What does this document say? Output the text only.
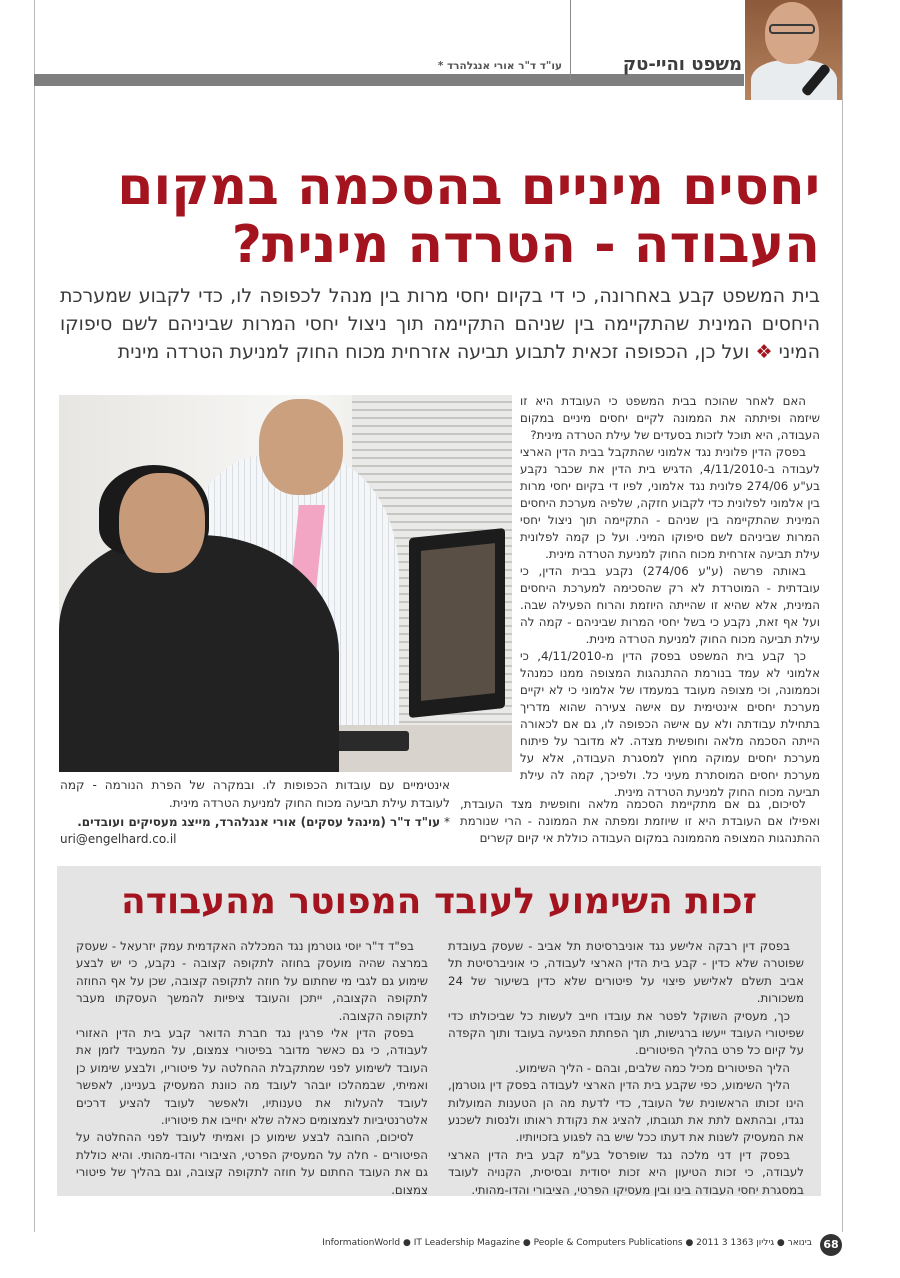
משפט והיי-טק
עו"ד ד"ר אורי אנגלהרד *
יחסים מיניים בהסכמה במקום
העבודה - הטרדה מינית?
בית המשפט קבע באחרונה, כי די בקיום יחסי מרות בין מנהל לכפופה לו, כדי לקבוע שמערכת היחסים המינית שהתקיימה בין שניהם התקיימה תוך ניצול יחסי המרות שביניהם לשם סיפוקו המיני ❖ ועל כן, הכפופה זכאית לתבוע תביעה אזרחית מכוח החוק למניעת הטרדה מינית

האם לאחר שהוכח בבית המשפט כי העובדת היא זו שיזמה ופיתתה את הממונה לקיים יחסים מיניים במקום העבודה, היא תוכל לזכות בסעדים של עילת הטרדה מינית?

בפסק הדין פלונית נגד אלמוני שהתקבל בבית הדין הארצי לעבודה ב-4/11/2010, הדגיש בית הדין את שכבר נקבע בע"ע 274/06 פלונית נגד אלמוני, לפיו די בקיום יחסי מרות בין אלמוני לפלונית כדי לקבוע חזקה, שלפיה מערכת היחסים המינית שהתקיימה בין שניהם - התקיימה תוך ניצול יחסי המרות שביניהם לשם סיפוקו המיני. ועל כן קמה לפלונית עילת תביעה אזרחית מכוח החוק למניעת הטרדה מינית.

באותה פרשה (ע"ע 274/06) נקבע בבית הדין, כי עובדתית - המוטרדת לא רק שהסכימה למערכת היחסים המינית, אלא שהיא זו שהייתה היוזמת והרוח הפעילה שבה. ועל אף זאת, נקבע כי בשל יחסי המרות שביניהם - קמה לה עילת תביעה מכוח החוק למניעת הטרדה מינית.

כך קבע בית המשפט בפסק הדין מ-4/11/2010, כי אלמוני לא עמד בנורמת ההתנהגות המצופה ממנו כמנהל וכממונה, וכי מצופה מעובד במעמדו של אלמוני כי לא יקיים מערכת יחסים אינטימית עם אישה צעירה שהוא מדריך בתחילת עבודתה ולא עם אישה הכפופה לו, גם אם לכאורה הייתה הסכמה מלאה וחופשית מצדה. לא מדובר על פיתוח מערכת יחסים עמוקה מחוץ למסגרת העבודה, אלא על מערכת יחסים המוסתרת מעיני כל. ולפיכך, קמה לה עילת תביעה מכוח החוק למניעת הטרדה מינית.

לסיכום, גם אם מתקיימת הסכמה מלאה וחופשית מצד העובדת, ואפילו אם העובדת היא זו שיוזמת ומפתה את הממונה - הרי שנורמת ההתנהגות המצופה מהממונה במקום העבודה כוללת אי קיום קשרים

אינטימיים עם עובדות הכפופות לו. ובמקרה של הפרת הנורמה - קמה לעובדת עילת תביעה מכוח החוק למניעת הטרדה מינית.
* עו"ד ד"ר (מינהל עסקים) אורי אנגלהרד, מייצג מעסיקים ועובדים.
uri@engelhard.co.il
זכות השימוע לעובד המפוטר מהעבודה

בפסק דין רבקה אלישע נגד אוניברסיטת תל אביב - שעסק בעובדת שפוטרה שלא כדין - קבע בית הדין הארצי לעבודה, כי אוניברסיטת תל אביב תשלם לאלישע פיצוי על פיטורים שלא כדין בשיעור של 24 משכורות.

כך, מעסיק השוקל לפטר את עובדו חייב לעשות כל שביכולתו כדי שפיטורי העובד ייעשו ברגישות, תוך הפחתת הפגיעה בעובד ותוך הקפדה על קיום כל פרט בהליך הפיטורים.

הליך הפיטורים מכיל כמה שלבים, ובהם - הליך השימוע.

הליך השימוע, כפי שקבע בית הדין הארצי לעבודה בפסק דין גוטרמן, הינו זכותו הראשונית של העובד, כדי לדעת מה הן הטענות המועלות נגדו, ובהתאם לתת את תגובתו, להציג את נקודת ראותו ולנסות לשכנע את המעסיק לשנות את דעתו ככל שיש בה לפגוע בזכויותיו.

בפסק דין דני מלכה נגד שופרסל בע"מ קבע בית הדין הארצי לעבודה, כי זכות הטיעון היא זכות יסודית ובסיסית, הקנויה לעובד במסגרת יחסי העבודה בינו ובין מעסיקו הפרטי, הציבורי והדו-מהותי.

בפ"ד ד"ר יוסי גוטרמן נגד המכללה האקדמית עמק יזרעאל - שעסק במרצה שהיה מועסק בחוזה לתקופה קצובה - נקבע, כי יש לבצע שימוע גם לגבי מי שחתום על חוזה לתקופה קצובה, שכן על אף החוזה לתקופה הקצובה, ייתכן והעובד ציפיות להמשך העסקתו מעבר לתקופה הקצובה.

בפסק הדין אלי פרגין נגד חברת הדואר קבע בית הדין האזורי לעבודה, כי גם כאשר מדובר בפיטורי צמצום, על המעביד לזמן את העובד לשימוע לפני שמתקבלת ההחלטה על פיטוריו, ולבצע שימוע כן ואמיתי, שבמהלכו יובהר לעובד מה כוונת המעסיק בעניינו, לאפשר לעובד להעלות את טענותיו, ולאפשר לעובד להציע דרכים אלטרנטיביות לצמצומים כאלה שלא יחייבו את פיטוריו.

לסיכום, החובה לבצע שימוע כן ואמיתי לעובד לפני ההחלטה על הפיטורים - חלה על המעסיק הפרטי, הציבורי והדו-מהותי. והיא כוללת גם את העובד החתום על חוזה לתקופה קצובה, וגם בהליך של פיטורי צמצום.

InformationWorld ● IT Leadership Magazine ● People & Computers Publications ● 2011 3 בינואר ● גיליון 1363	68
